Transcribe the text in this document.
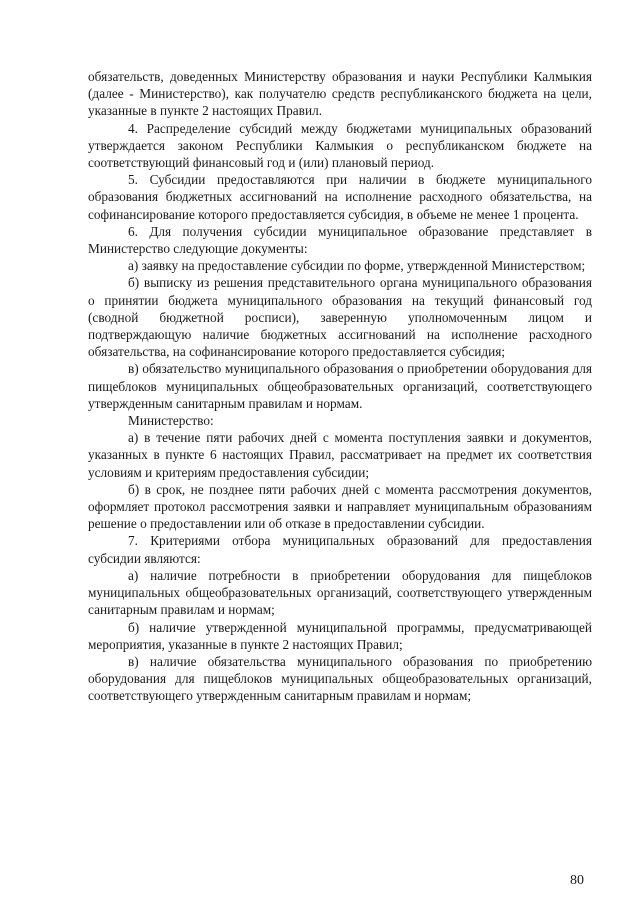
обязательств, доведенных Министерству образования и науки Республики Калмыкия (далее - Министерство), как получателю средств республиканского бюджета на цели, указанные в пункте 2 настоящих Правил.

4. Распределение субсидий между бюджетами муниципальных образований утверждается законом Республики Калмыкия о республиканском бюджете на соответствующий финансовый год и (или) плановый период.

5. Субсидии предоставляются при наличии в бюджете муниципального образования бюджетных ассигнований на исполнение расходного обязательства, на софинансирование которого предоставляется субсидия, в объеме не менее 1 процента.

6. Для получения субсидии муниципальное образование представляет в Министерство следующие документы:

а) заявку на предоставление субсидии по форме, утвержденной Министерством;

б) выписку из решения представительного органа муниципального образования о принятии бюджета муниципального образования на текущий финансовый год (сводной бюджетной росписи), заверенную уполномоченным лицом и подтверждающую наличие бюджетных ассигнований на исполнение расходного обязательства, на софинансирование которого предоставляется субсидия;

в) обязательство муниципального образования о приобретении оборудования для пищеблоков муниципальных общеобразовательных организаций, соответствующего утвержденным санитарным правилам и нормам.

Министерство:

а) в течение пяти рабочих дней с момента поступления заявки и документов, указанных в пункте 6 настоящих Правил, рассматривает на предмет их соответствия условиям и критериям предоставления субсидии;

б) в срок, не позднее пяти рабочих дней с момента рассмотрения документов, оформляет протокол рассмотрения заявки и направляет муниципальным образованиям решение о предоставлении или об отказе в предоставлении субсидии.

7. Критериями отбора муниципальных образований для предоставления субсидии являются:

а) наличие потребности в приобретении оборудования для пищеблоков муниципальных общеобразовательных организаций, соответствующего утвержденным санитарным правилам и нормам;

б) наличие утвержденной муниципальной программы, предусматривающей мероприятия, указанные в пункте 2 настоящих Правил;

в) наличие обязательства муниципального образования по приобретению оборудования для пищеблоков муниципальных общеобразовательных организаций, соответствующего утвержденным санитарным правилам и нормам;

80
